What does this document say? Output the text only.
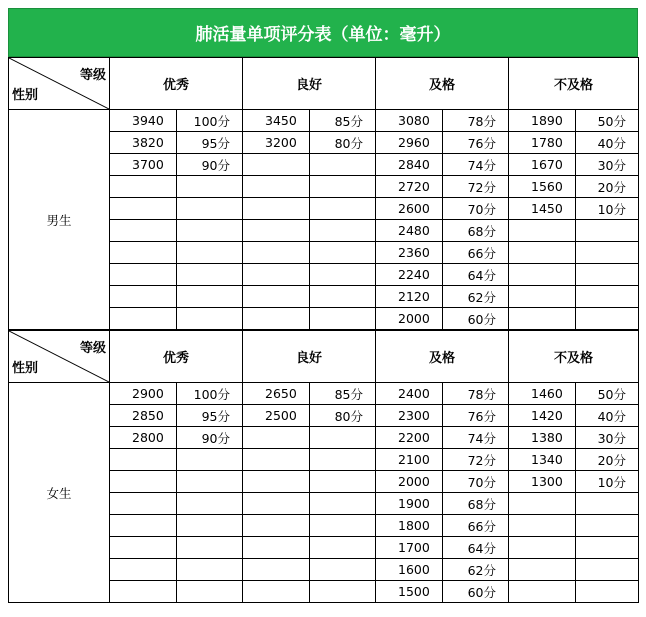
肺活量单项评分表（单位：毫升）
等级
性别	优秀		良好		及格		不及格	
男生	3940	100分	3450	85分	3080	78分	1890	50分
	3820	95分	3200	80分	2960	76分	1780	40分
	3700	90分			2840	74分	1670	30分
					2720	72分	1560	20分
					2600	70分	1450	10分
					2480	68分		
					2360	66分		
					2240	64分		
					2120	62分		
					2000	60分		
等级
性别	优秀		良好		及格		不及格	
女生	2900	100分	2650	85分	2400	78分	1460	50分
	2850	95分	2500	80分	2300	76分	1420	40分
	2800	90分			2200	74分	1380	30分
					2100	72分	1340	20分
					2000	70分	1300	10分
					1900	68分		
					1800	66分		
					1700	64分		
					1600	62分		
					1500	60分		
